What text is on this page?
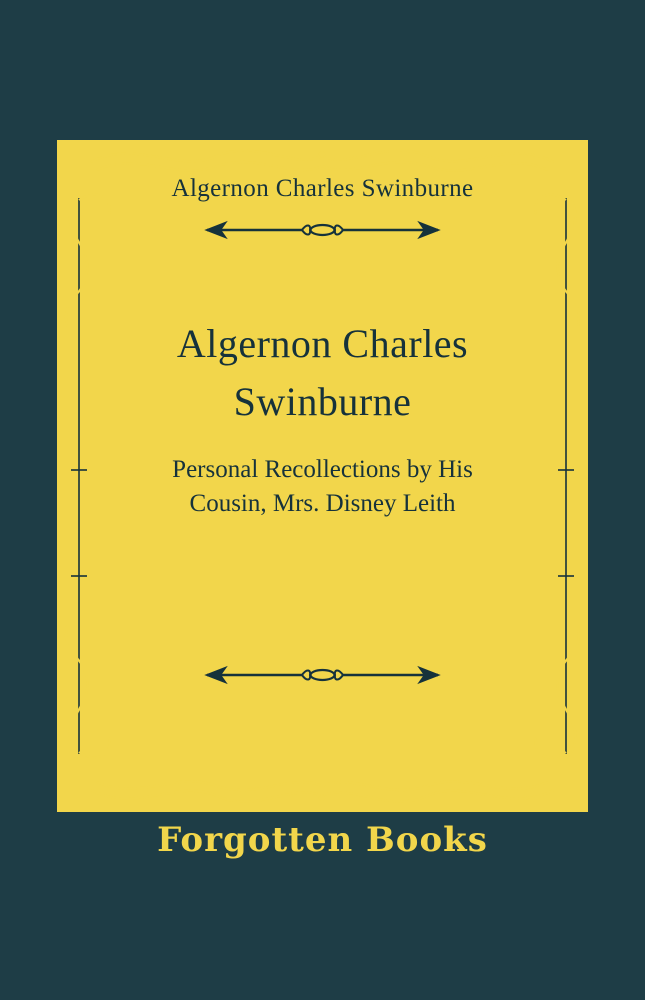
Algernon Charles Swinburne
Algernon Charles
Swinburne
Personal Recollections by His
Cousin, Mrs. Disney Leith
Forgotten Books
